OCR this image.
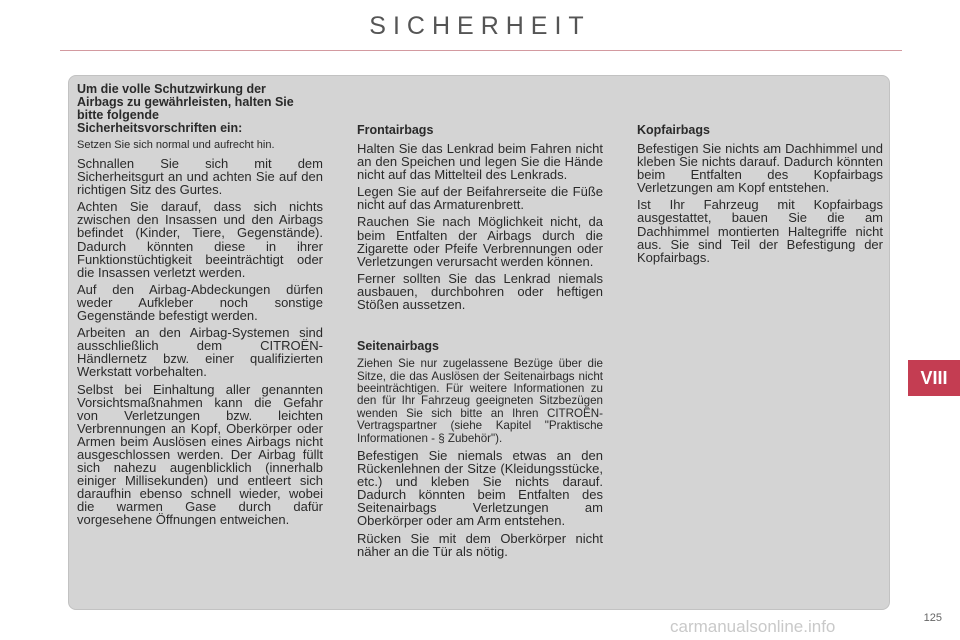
SICHERHEIT

Um die volle Schutzwirkung der Airbags zu gewährleisten, halten Sie bitte folgende Sicherheitsvorschriften ein:

Setzen Sie sich normal und aufrecht hin.

Schnallen Sie sich mit dem Sicherheitsgurt an und achten Sie auf den richtigen Sitz des Gurtes.

Achten Sie darauf, dass sich nichts zwischen den Insassen und den Airbags befindet (Kinder, Tiere, Gegenstände). Dadurch könnten diese in ihrer Funktionstüchtigkeit beeinträchtigt oder die Insassen verletzt werden.

Auf den Airbag-Abdeckungen dürfen weder Aufkleber noch sonstige Gegenstände befestigt werden.

Arbeiten an den Airbag-Systemen sind ausschließlich dem CITROËN-Händlernetz bzw. einer qualifizierten Werkstatt vorbehalten.

Selbst bei Einhaltung aller genannten Vorsichtsmaßnahmen kann die Gefahr von Verletzungen bzw. leichten Verbrennungen an Kopf, Oberkörper oder Armen beim Auslösen eines Airbags nicht ausgeschlossen werden. Der Airbag füllt sich nahezu augenblicklich (innerhalb einiger Millisekunden) und entleert sich daraufhin ebenso schnell wieder, wobei die warmen Gase durch dafür vorgesehene Öffnungen entweichen.

Frontairbags

Halten Sie das Lenkrad beim Fahren nicht an den Speichen und legen Sie die Hände nicht auf das Mittelteil des Lenkrads.

Legen Sie auf der Beifahrerseite die Füße nicht auf das Armaturenbrett.

Rauchen Sie nach Möglichkeit nicht, da beim Entfalten der Airbags durch die Zigarette oder Pfeife Verbrennungen oder Verletzungen verursacht werden können.

Ferner sollten Sie das Lenkrad niemals ausbauen, durchbohren oder heftigen Stößen aussetzen.

Seitenairbags

Ziehen Sie nur zugelassene Bezüge über die Sitze, die das Auslösen der Seitenairbags nicht beeinträchtigen. Für weitere Informationen zu den für Ihr Fahrzeug geeigneten Sitzbezügen wenden Sie sich bitte an Ihren CITROËN-Vertragspartner (siehe Kapitel "Praktische Informationen - § Zubehör").

Befestigen Sie niemals etwas an den Rückenlehnen der Sitze (Kleidungsstücke, etc.) und kleben Sie nichts darauf. Dadurch könnten beim Entfalten des Seitenairbags Verletzungen am Oberkörper oder am Arm entstehen.

Rücken Sie mit dem Oberkörper nicht näher an die Tür als nötig.

Kopfairbags

Befestigen Sie nichts am Dachhimmel und kleben Sie nichts darauf. Dadurch könnten beim Entfalten des Kopfairbags Verletzungen am Kopf entstehen.

Ist Ihr Fahrzeug mit Kopfairbags ausgestattet, bauen Sie die am Dachhimmel montierten Haltegriffe nicht aus. Sie sind Teil der Befestigung der Kopfairbags.

VIII
carmanualsonline.info	125
